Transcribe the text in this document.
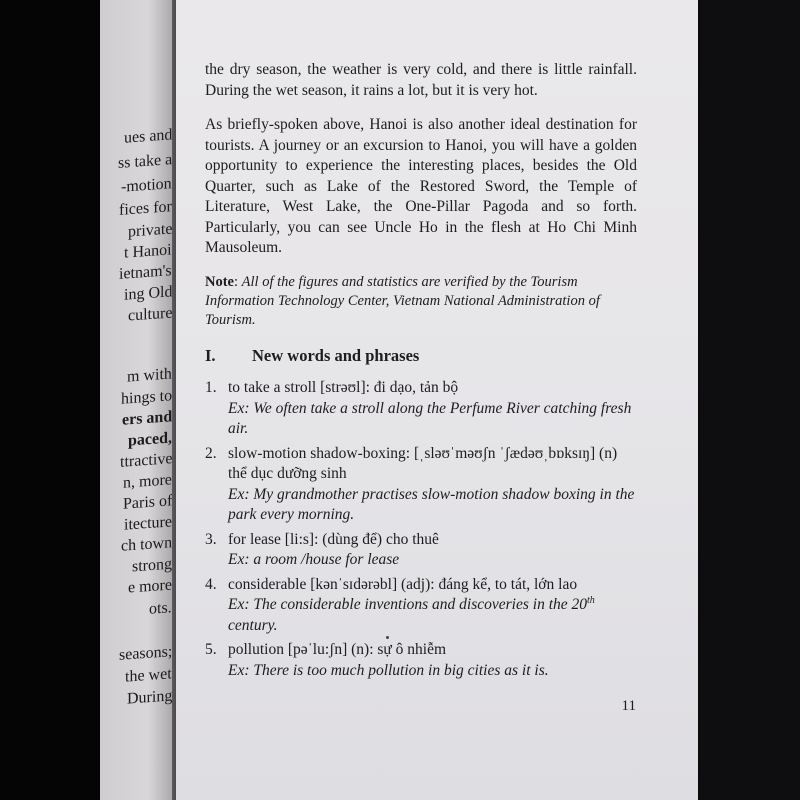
ues and
ss take a
-motion
fices for
private
t Hanoi
ietnam's
ing Old
culture
m with
hings to
ers and
paced,
ttractive
n, more
Paris of
itecture
ch town
strong
e more
ots.
seasons;
the wet
During

the dry season, the weather is very cold, and there is little rainfall. During the wet season, it rains a lot, but it is very hot.

As briefly-spoken above, Hanoi is also another ideal destination for tourists. A journey or an excursion to Hanoi, you will have a golden opportunity to experience the interesting places, besides the Old Quarter, such as Lake of the Restored Sword, the Temple of Literature, West Lake, the One-Pillar Pagoda and so forth. Particularly, you can see Uncle Ho in the flesh at Ho Chi Minh Mausoleum.

Note: All of the figures and statistics are verified by the Tourism Information Technology Center, Vietnam National Administration of Tourism.
I.	New words and phrases
1. to take a stroll [strəʊl]: đi dạo, tản bộ
Ex: We often take a stroll along the Perfume River catching fresh air.
2. slow-motion shadow-boxing: [ˌsləʊˈməʊʃn ˈʃædəʊˌbɒksɪŋ] (n) thể dục dưỡng sinh
Ex: My grandmother practises slow-motion shadow boxing in the park every morning.
3. for lease [li:s]: (dùng để) cho thuê
Ex: a room /house for lease
4. considerable [kənˈsɪdərəbl] (adj): đáng kể, to tát, lớn lao
Ex: The considerable inventions and discoveries in the 20th century.
5. pollution [pəˈlu:ʃn] (n): sự ô nhiễm
Ex: There is too much pollution in big cities as it is.
11
